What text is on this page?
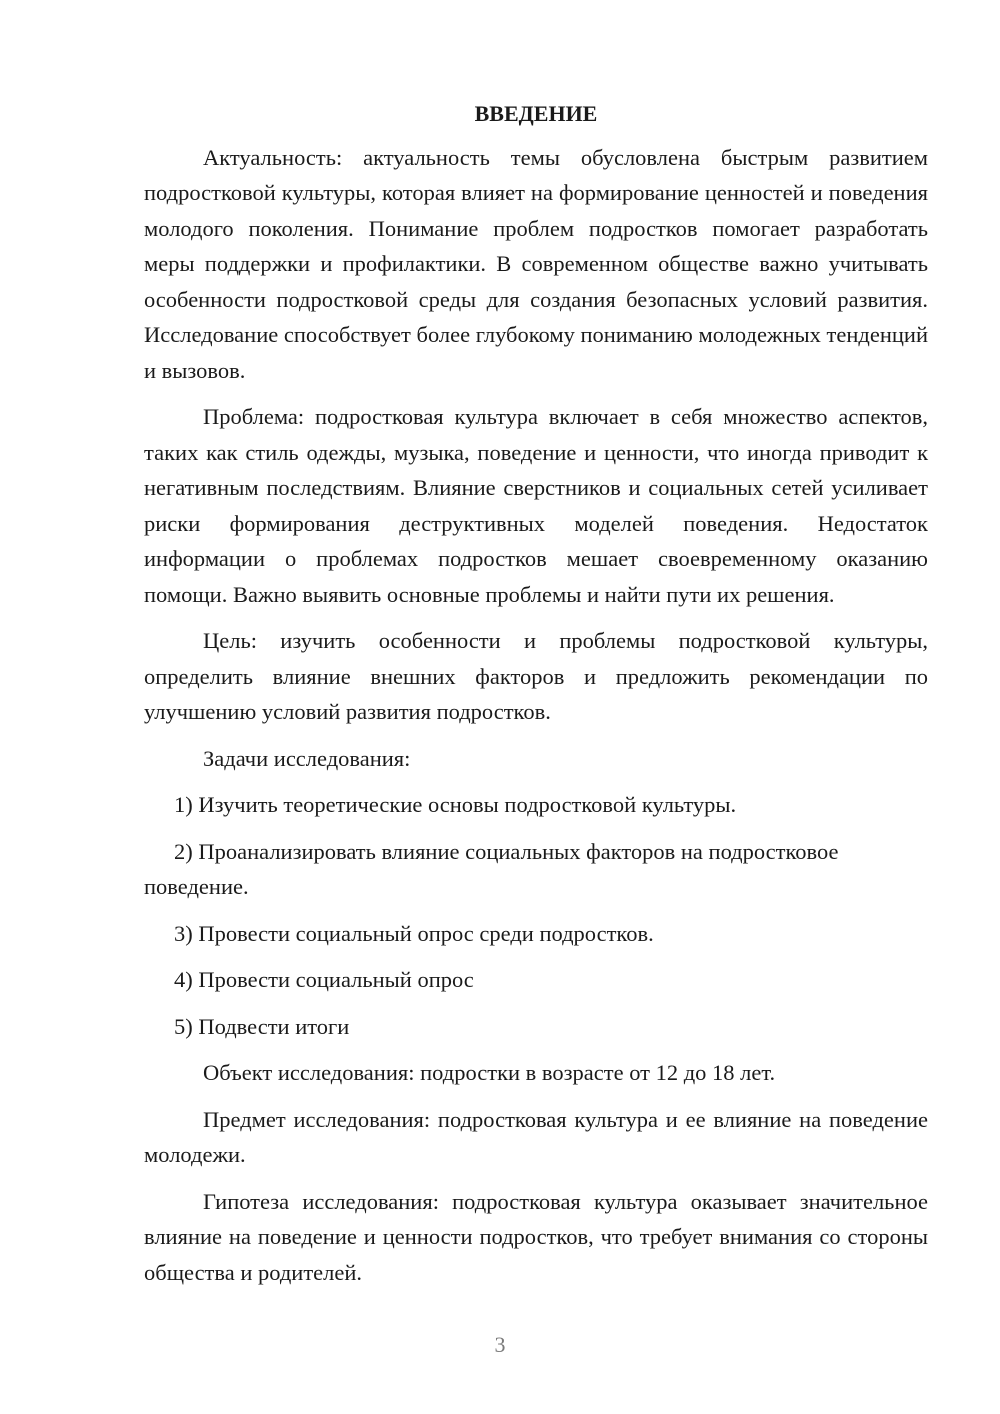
ВВЕДЕНИЕ

Актуальность: актуальность темы обусловлена быстрым развитием подростковой культуры, которая влияет на формирование ценностей и поведения молодого поколения. Понимание проблем подростков помогает разработать меры поддержки и профилактики. В современном обществе важно учитывать особенности подростковой среды для создания безопасных условий развития. Исследование способствует более глубокому пониманию молодежных тенденций и вызовов.

Проблема: подростковая культура включает в себя множество аспектов, таких как стиль одежды, музыка, поведение и ценности, что иногда приводит к негативным последствиям. Влияние сверстников и социальных сетей усиливает риски формирования деструктивных моделей поведения. Недостаток информации о проблемах подростков мешает своевременному оказанию помощи. Важно выявить основные проблемы и найти пути их решения.

Цель: изучить особенности и проблемы подростковой культуры, определить влияние внешних факторов и предложить рекомендации по улучшению условий развития подростков.

Задачи исследования:

1) Изучить теоретические основы подростковой культуры.

2) Проанализировать влияние социальных факторов на подростковое поведение.

3) Провести социальный опрос среди подростков.

4) Провести социальный опрос

5) Подвести итоги

Объект исследования: подростки в возрасте от 12 до 18 лет.

Предмет исследования: подростковая культура и ее влияние на поведение молодежи.

Гипотеза исследования: подростковая культура оказывает значительное влияние на поведение и ценности подростков, что требует внимания со стороны общества и родителей.

3
